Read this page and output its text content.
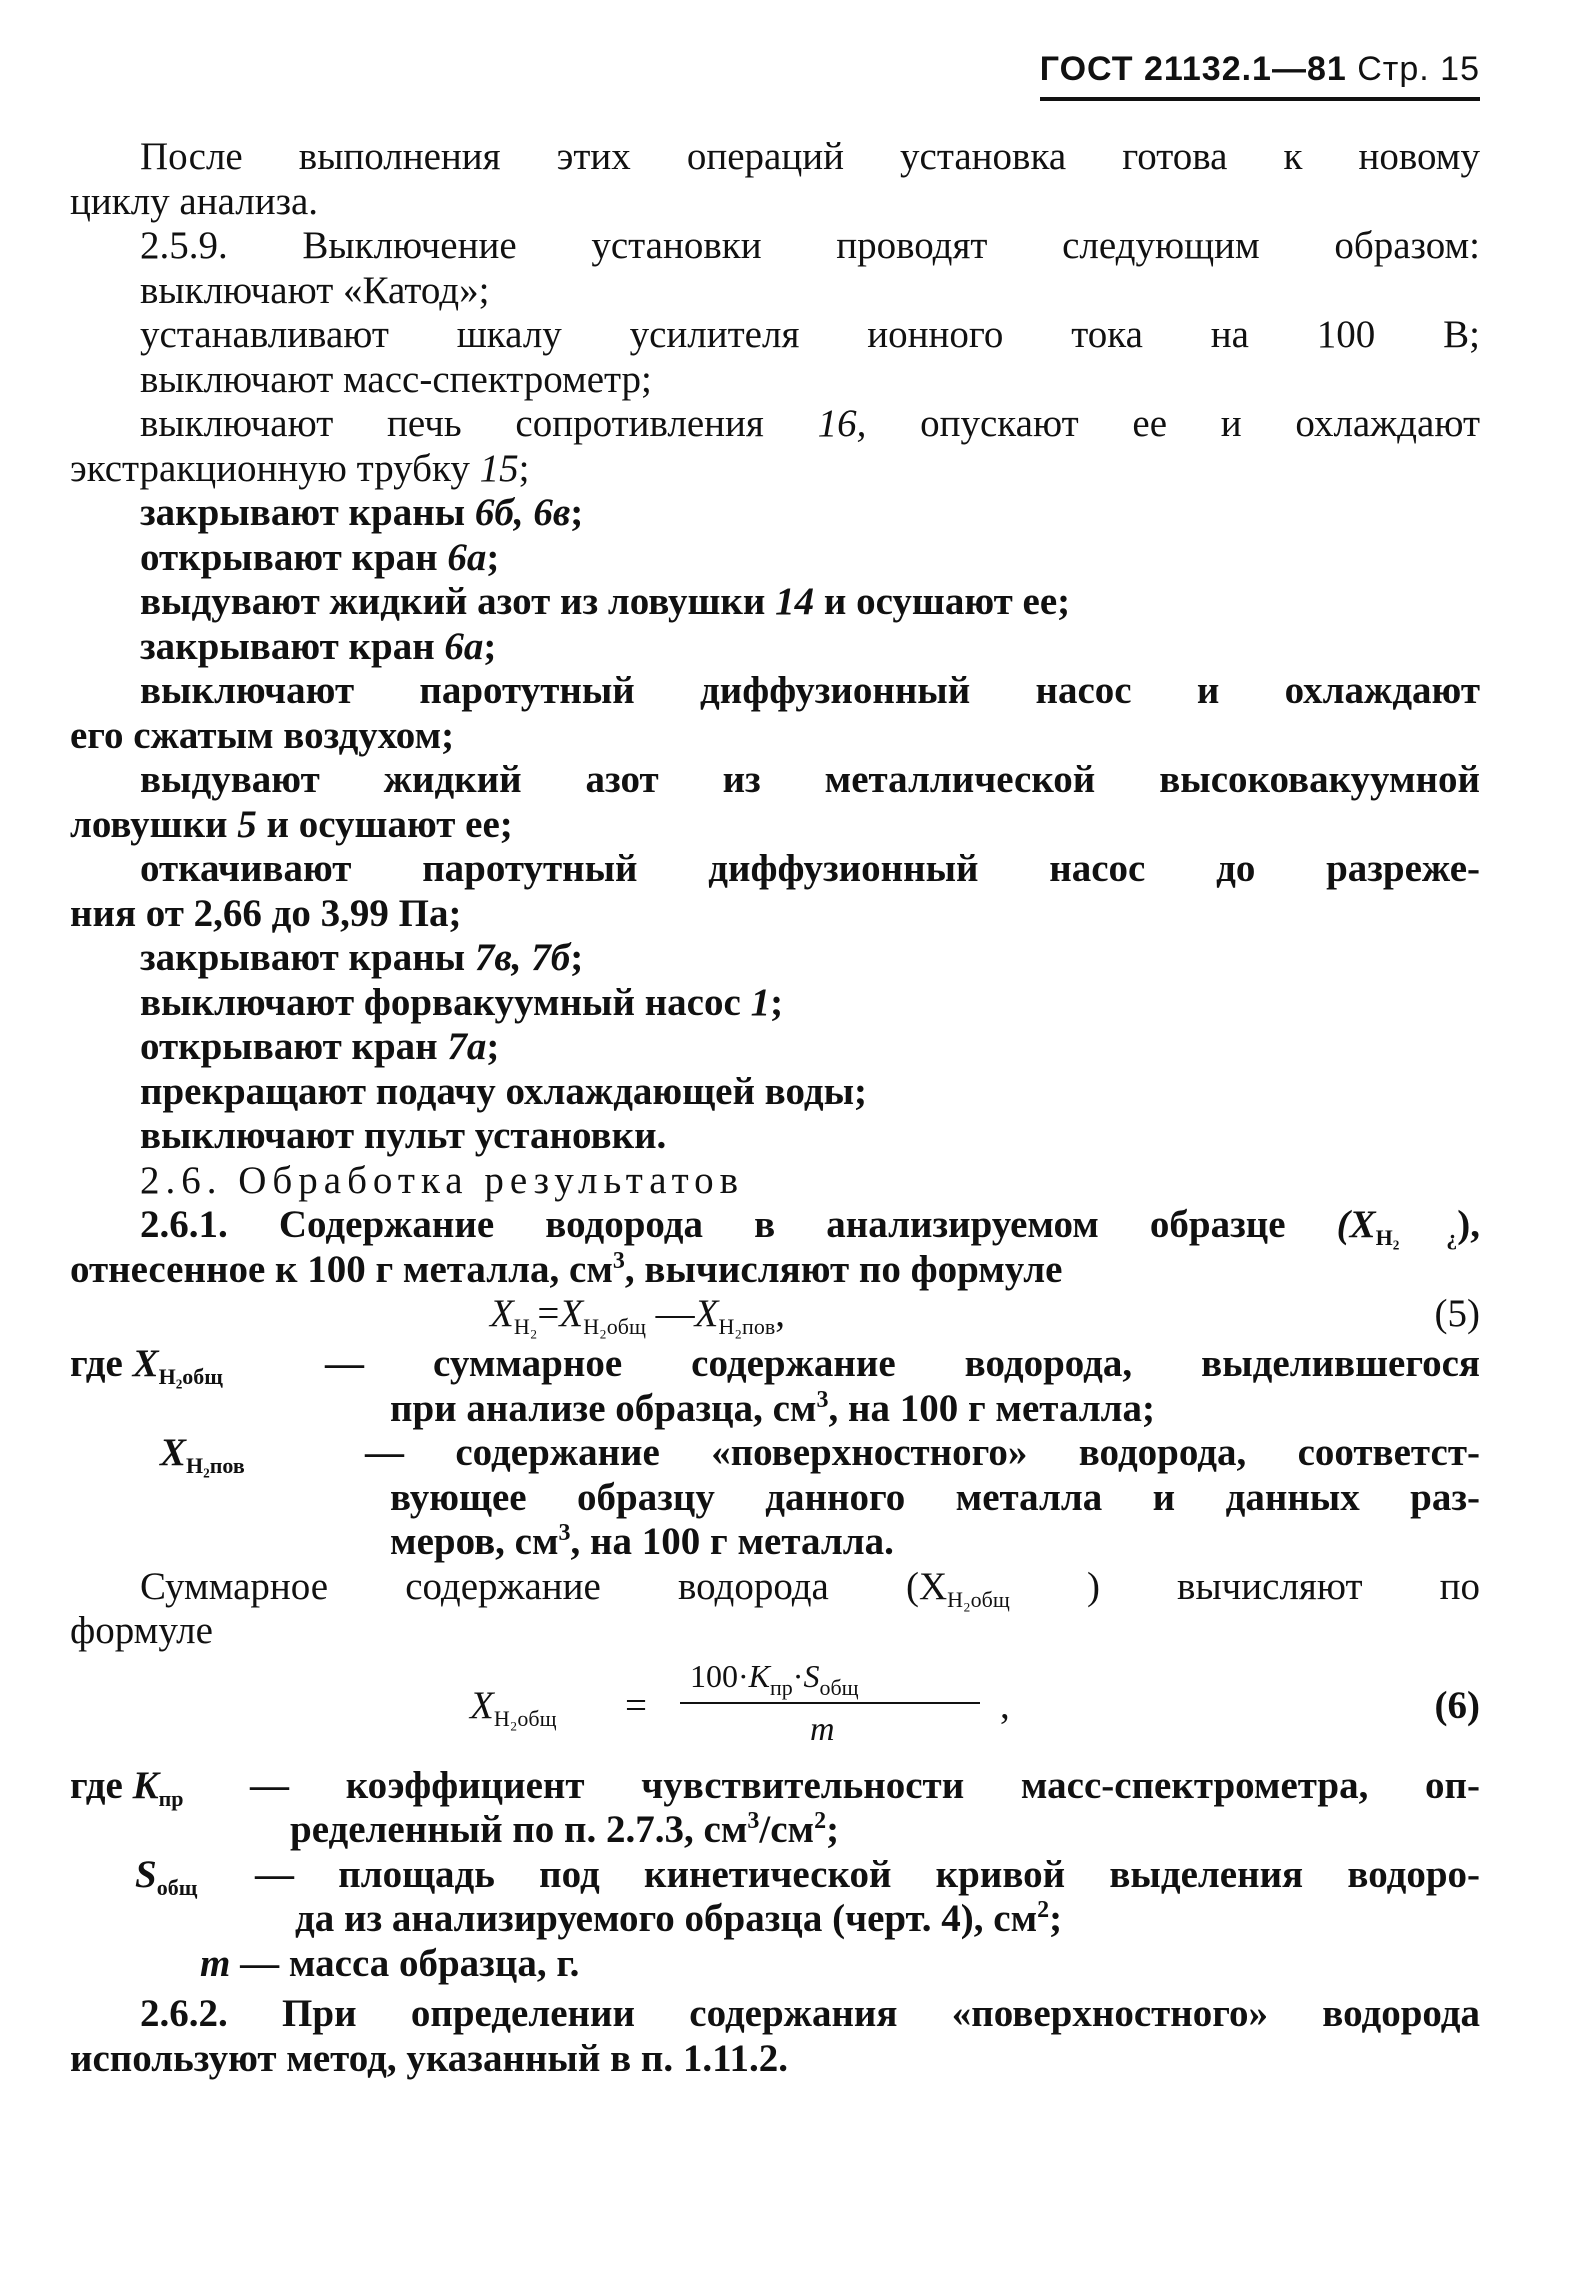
ГОСТ 21132.1—81 Стр. 15
После выполнения этих операций установка готова к новому
циклу анализа.
2.5.9. Выключение установки проводят следующим образом:
выключают «Катод»;
устанавливают шкалу усилителя ионного тока на 100 В;
выключают масс-спектрометр;
выключают печь сопротивления 16, опускают ее и охлаждают
экстракционную трубку 15;
закрывают краны 6б, 6в;
открывают кран 6а;
выдувают жидкий азот из ловушки 14 и осушают ее;
закрывают кран 6а;
выключают паротутный диффузионный насос и охлаждают
его сжатым воздухом;
выдувают жидкий азот из металлической высоковакуумной
ловушки 5 и осушают ее;
откачивают паротутный диффузионный насос до разреже-
ния от 2,66 до 3,99 Па;
закрывают краны 7в, 7б;
выключают форвакуумный насос 1;
открывают кран 7а;
прекращают подачу охлаждающей воды;
выключают пульт установки.
2.6. Обработка результатов
2.6.1. Содержание водорода в анализируемом образце $(X_{H_2 ¿})$,
отнесенное к 100 г металла, $см^3$, вычисляют по формуле
$X_{H_2}=X_{H_2общ}$ $—X_{H_2пов}$,	(5)
где $X_{H_2общ}$	— суммарное содержание водорода, выделившегося
при анализе образца, $см^3$, на 100 г металла;
$X_{H_2пов}$	— содержание «поверхностного» водорода, соответст-
вующее образцу данного металла и данных раз-
меров, $см^3$, на 100 г металла.
Суммарное содержание водорода ($X_{H_2общ}$ ) вычисляют по
формуле
$X_{H_2общ}$ =
$100\cdot K_{пр}\cdot S_{общ}$
m
,	(6)
где $K_{пр}$ — коэффициент чувствительности масс-спектрометра, оп-
ределенный по п. 2.7.3, $см^3/см^2$;
$S_{общ}$ — площадь под кинетической кривой выделения водоро-
да из анализируемого образца (черт. 4), $см^2$;
m — масса образца, г.
2.6.2. При определении содержания «поверхностного» водорода
используют метод, указанный в п. 1.11.2.
